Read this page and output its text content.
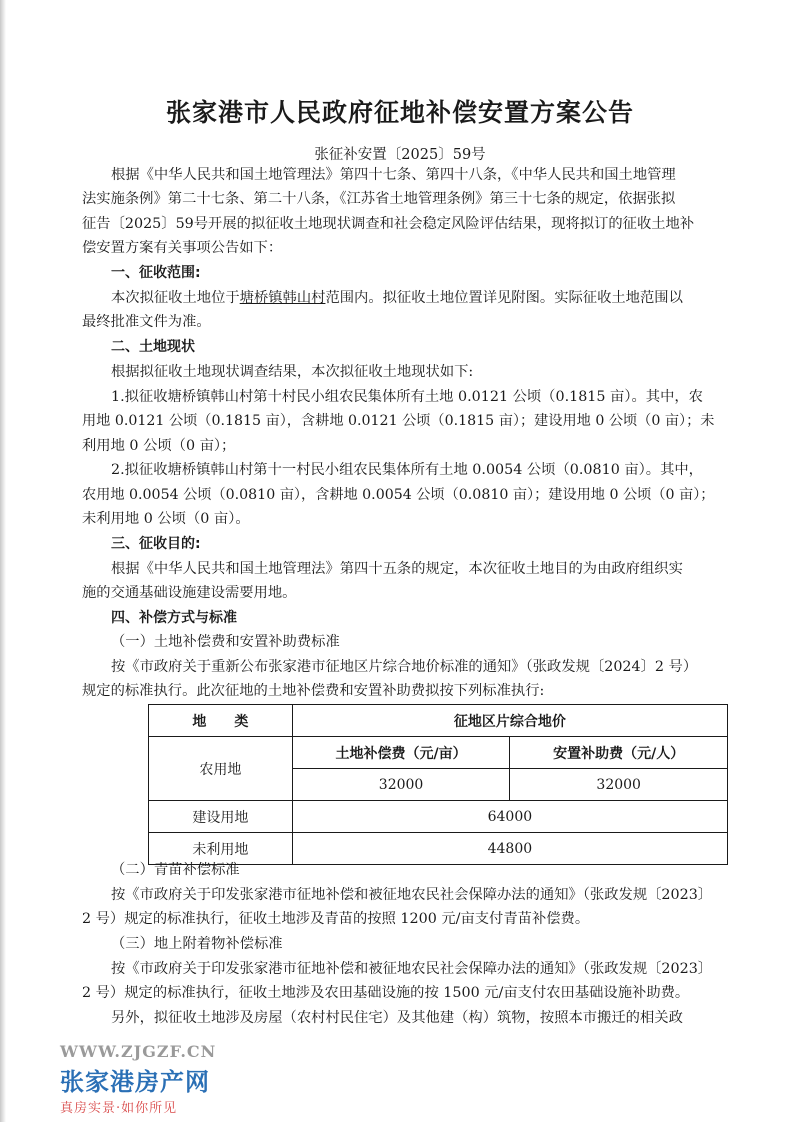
张家港市人民政府征地补偿安置方案公告
张征补安置〔2025〕59号
根据《中华人民共和国土地管理法》第四十七条、第四十八条，《中华人民共和国土地管理
法实施条例》第二十七条、第二十八条，《江苏省土地管理条例》第三十七条的规定，依据张拟
征告〔2025〕59号开展的拟征收土地现状调查和社会稳定风险评估结果，现将拟订的征收土地补
偿安置方案有关事项公告如下：
一、征收范围:
本次拟征收土地位于塘桥镇韩山村范围内。拟征收土地位置详见附图。实际征收土地范围以
最终批准文件为准。
二、土地现状
根据拟征收土地现状调查结果，本次拟征收土地现状如下:
1.拟征收塘桥镇韩山村第十村民小组农民集体所有土地 0.0121 公顷（0.1815 亩）。其中，农
用地 0.0121 公顷（0.1815 亩），含耕地 0.0121 公顷（0.1815 亩）；建设用地 0 公顷（0 亩）；未
利用地 0 公顷（0 亩）；
2.拟征收塘桥镇韩山村第十一村民小组农民集体所有土地 0.0054 公顷（0.0810 亩）。其中，
农用地 0.0054 公顷（0.0810 亩），含耕地 0.0054 公顷（0.0810 亩）；建设用地 0 公顷（0 亩）；
未利用地 0 公顷（0 亩）。
三、征收目的:
根据《中华人民共和国土地管理法》第四十五条的规定，本次征收土地目的为由政府组织实
施的交通基础设施建设需要用地。
四、补偿方式与标准
（一）土地补偿费和安置补助费标准
按《市政府关于重新公布张家港市征地区片综合地价标准的通知》（张政发规〔2024〕2 号）
规定的标准执行。此次征地的土地补偿费和安置补助费拟按下列标准执行:
地　　类	征地区片综合地价	
农用地	土地补偿费（元/亩）	安置补助费（元/人）
	32000	32000
建设用地	64000	
未利用地	44800	
（二）青苗补偿标准
按《市政府关于印发张家港市征地补偿和被征地农民社会保障办法的通知》（张政发规〔2023〕
2 号）规定的标准执行，征收土地涉及青苗的按照 1200 元/亩支付青苗补偿费。
（三）地上附着物补偿标准
按《市政府关于印发张家港市征地补偿和被征地农民社会保障办法的通知》（张政发规〔2023〕
2 号）规定的标准执行，征收土地涉及农田基础设施的按 1500 元/亩支付农田基础设施补助费。
另外，拟征收土地涉及房屋（农村村民住宅）及其他建（构）筑物，按照本市搬迁的相关政
WWW.ZJGZF.CN
张家港房产网
真房实景·如你所见
